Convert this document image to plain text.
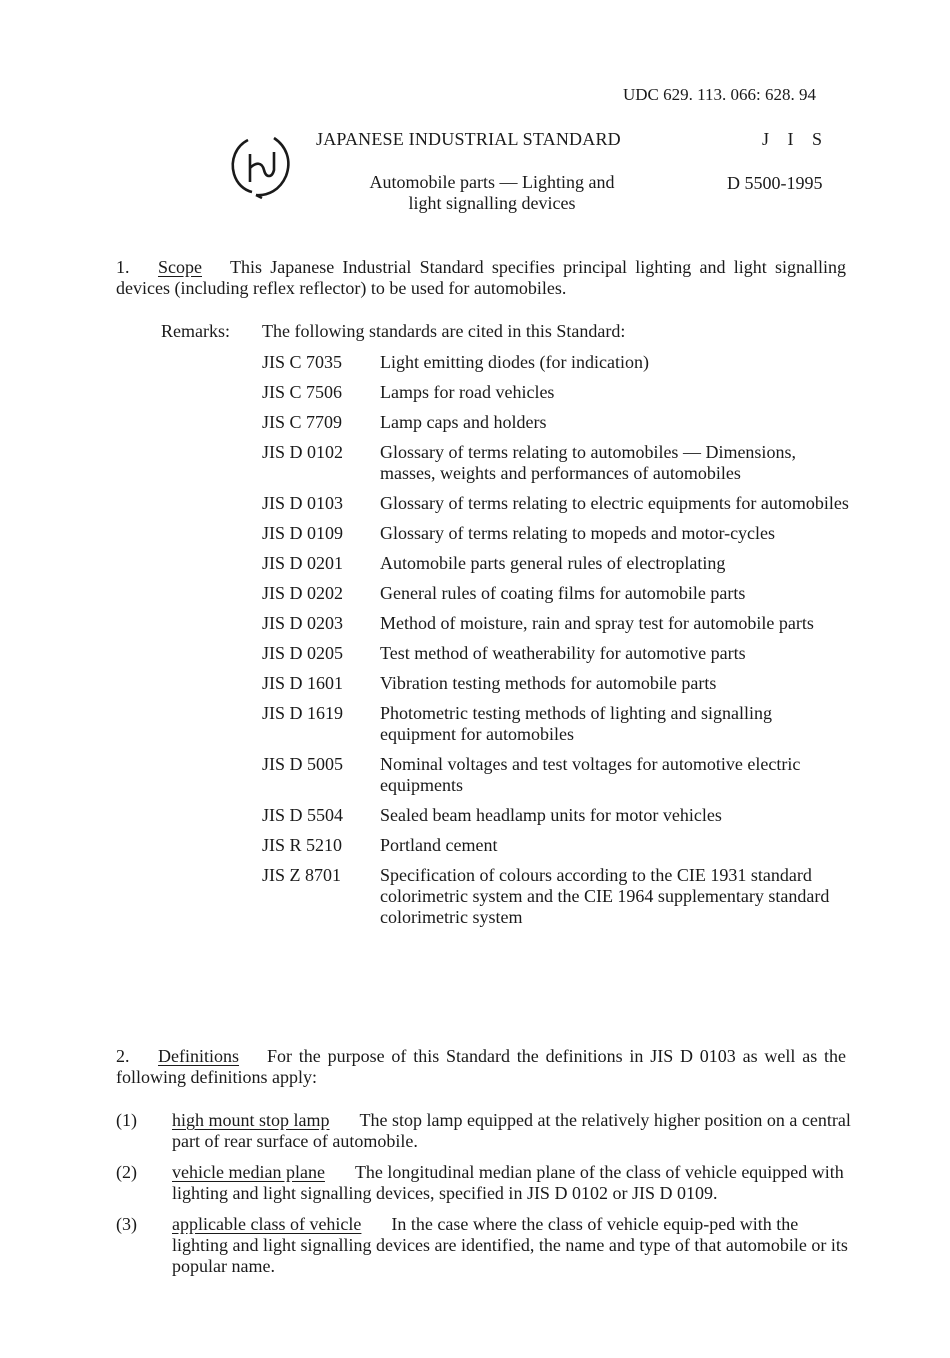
UDC 629. 113. 066: 628. 94
JAPANESE INDUSTRIAL STANDARD	J I S
Automobile parts — Lighting and
light signalling devices
D 5500-1995
1. Scope This Japanese Industrial Standard specifies principal lighting and light signalling devices (including reflex reflector) to be used for automobiles.
Remarks: The following standards are cited in this Standard:
JIS C 7035	Light emitting diodes (for indication)
JIS C 7506	Lamps for road vehicles
JIS C 7709	Lamp caps and holders
JIS D 0102	Glossary of terms relating to automobiles — Dimensions, masses, weights and performances of automobiles
JIS D 0103	Glossary of terms relating to electric equipments for automobiles
JIS D 0109	Glossary of terms relating to mopeds and motor-cycles
JIS D 0201	Automobile parts general rules of electroplating
JIS D 0202	General rules of coating films for automobile parts
JIS D 0203	Method of moisture, rain and spray test for automobile parts
JIS D 0205	Test method of weatherability for automotive parts
JIS D 1601	Vibration testing methods for automobile parts
JIS D 1619	Photometric testing methods of lighting and signalling equipment for automobiles
JIS D 5005	Nominal voltages and test voltages for automotive electric equipments
JIS D 5504	Sealed beam headlamp units for motor vehicles
JIS R 5210	Portland cement
JIS Z 8701	Specification of colours according to the CIE 1931 standard colorimetric system and the CIE 1964 supplementary standard colorimetric system
2. Definitions For the purpose of this Standard the definitions in JIS D 0103 as well as the following definitions apply:
(1)	high mount stop lamp The stop lamp equipped at the relatively higher position on a central part of rear surface of automobile.
(2)	vehicle median plane The longitudinal median plane of the class of vehicle equipped with lighting and light signalling devices, specified in JIS D 0102 or JIS D 0109.
(3)	applicable class of vehicle In the case where the class of vehicle equip-ped with the lighting and light signalling devices are identified, the name and type of that automobile or its popular name.
